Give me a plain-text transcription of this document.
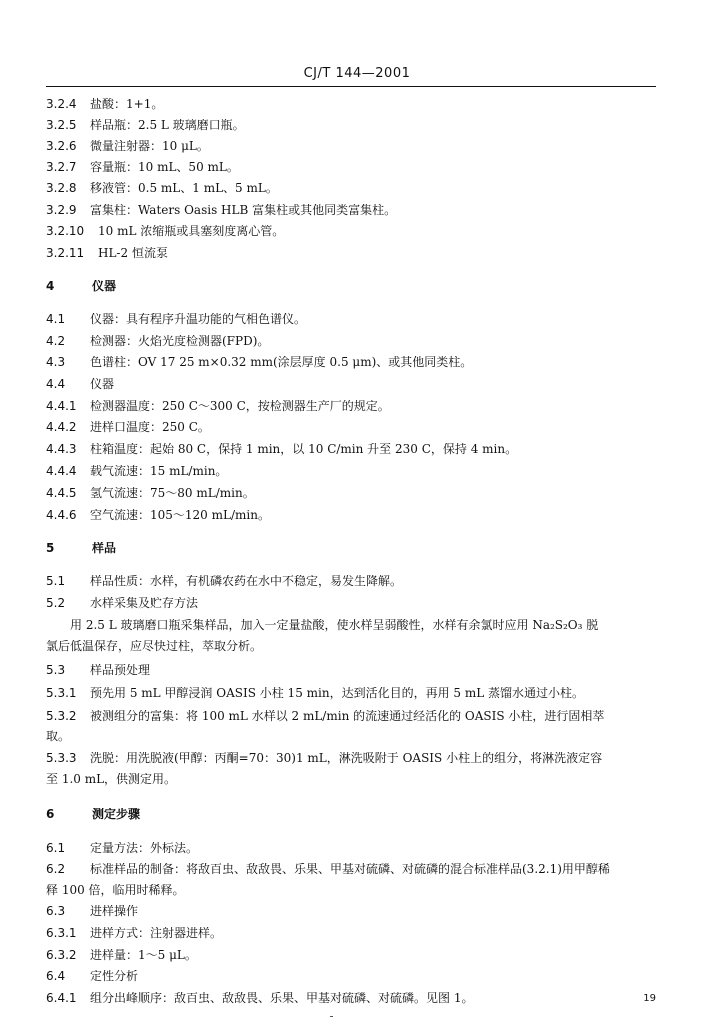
CJ/T 144—2001
3.2.4 盐酸：1+1。
3.2.5 样品瓶：2.5 L 玻璃磨口瓶。
3.2.6 微量注射器：10 μL。
3.2.7 容量瓶：10 mL、50 mL。
3.2.8 移液管：0.5 mL、1 mL、5 mL。
3.2.9 富集柱：Waters Oasis HLB 富集柱或其他同类富集柱。
3.2.10 10 mL 浓缩瓶或具塞刻度离心管。
3.2.11 HL-2 恒流泵
4	仪器
4.1 仪器：具有程序升温功能的气相色谱仪。
4.2 检测器：火焰光度检测器(FPD)。
4.3 色谱柱：OV 17 25 m×0.32 mm(涂层厚度 0.5 μm)、或其他同类柱。
4.4 仪器
4.4.1 检测器温度：250 C～300 C，按检测器生产厂的规定。
4.4.2 进样口温度：250 C。
4.4.3 柱箱温度：起始 80 C，保持 1 min，以 10 C/min 升至 230 C，保持 4 min。
4.4.4 载气流速：15 mL/min。
4.4.5 氢气流速：75～80 mL/min。
4.4.6 空气流速：105～120 mL/min。
5	样品
5.1 样品性质：水样，有机磷农药在水中不稳定，易发生降解。
5.2 水样采集及贮存方法
用 2.5 L 玻璃磨口瓶采集样品，加入一定量盐酸，使水样呈弱酸性，水样有余氯时应用 Na₂S₂O₃ 脱
氯后低温保存，应尽快过柱，萃取分析。
5.3 样品预处理
5.3.1 预先用 5 mL 甲醇浸润 OASIS 小柱 15 min，达到活化目的，再用 5 mL 蒸馏水通过小柱。
5.3.2 被测组分的富集：将 100 mL 水样以 2 mL/min 的流速通过经活化的 OASIS 小柱，进行固相萃
取。
5.3.3 洗脱：用洗脱液(甲醇：丙酮=70：30)1 mL，淋洗吸附于 OASIS 小柱上的组分，将淋洗液定容
至 1.0 mL，供测定用。
6	测定步骤
6.1 定量方法：外标法。
6.2 标准样品的制备：将敌百虫、敌敌畏、乐果、甲基对硫磷、对硫磷的混合标准样品(3.2.1)用甲醇稀
释 100 倍，临用时稀释。
6.3 进样操作
6.3.1 进样方式：注射器进样。
6.3.2 进样量：1～5 μL。
6.4 定性分析
6.4.1 组分出峰顺序：敌百虫、敌敌畏、乐果、甲基对硫磷、对硫磷。见图 1。	19
